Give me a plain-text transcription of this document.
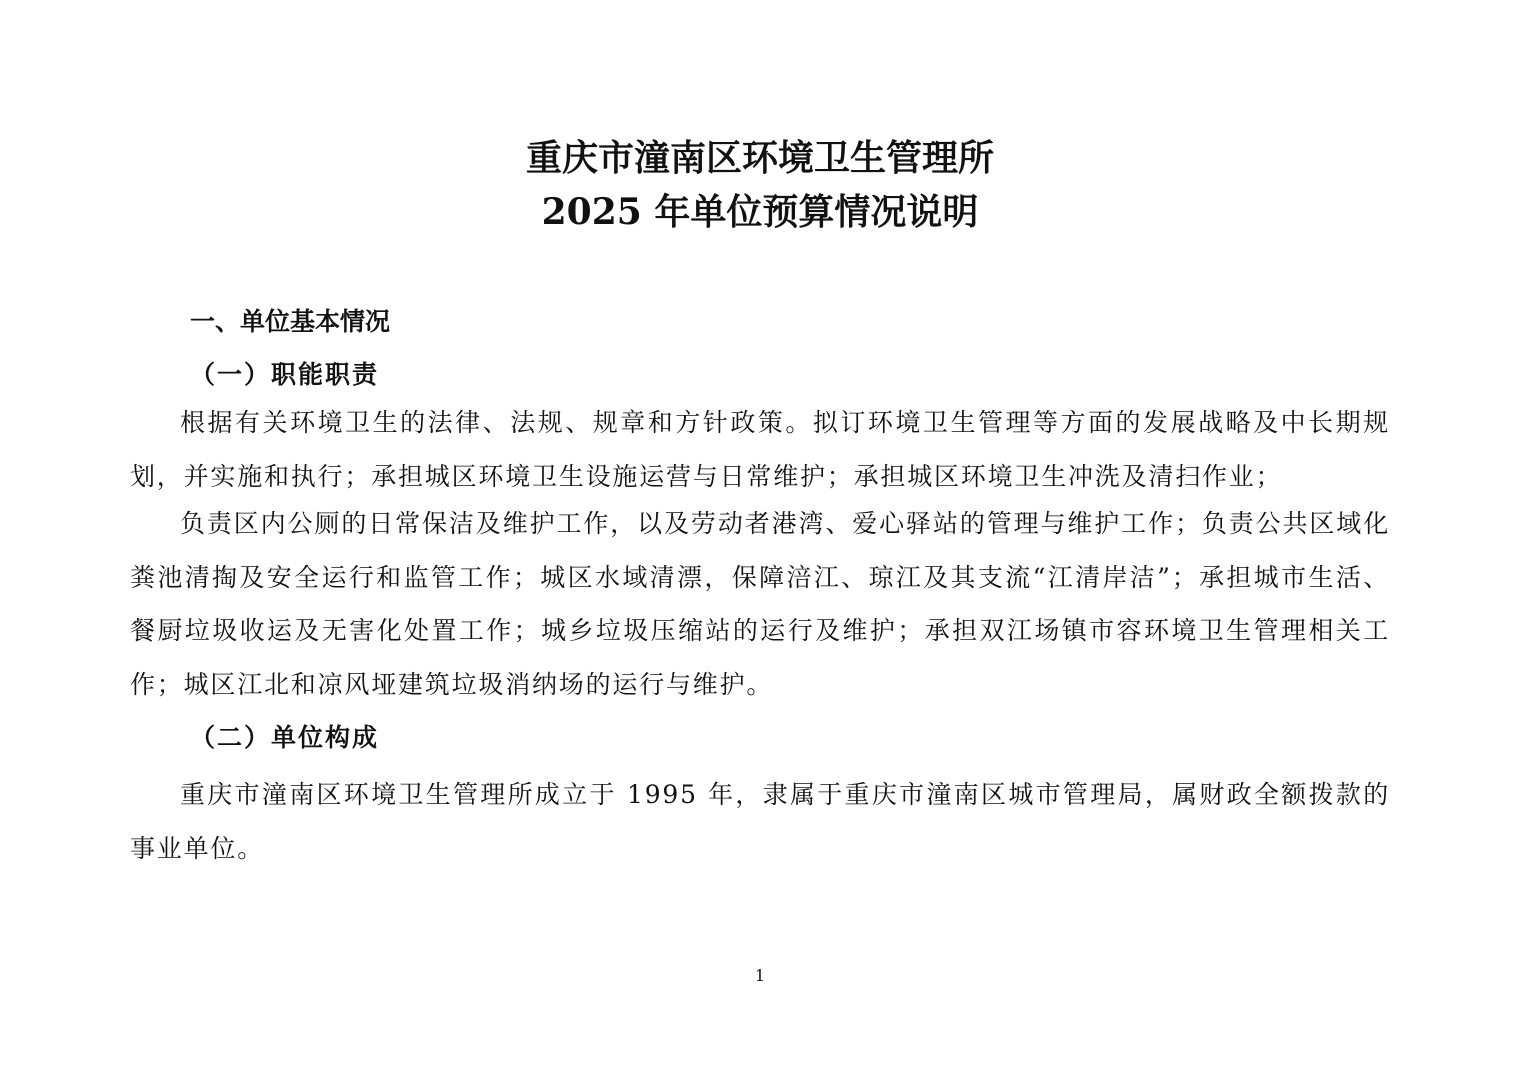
重庆市潼南区环境卫生管理所
2025 年单位预算情况说明
一、单位基本情况
（一）职能职责

根据有关环境卫生的法律、法规、规章和方针政策。拟订环境卫生管理等方面的发展战略及中长期规划，并实施和执行；承担城区环境卫生设施运营与日常维护；承担城区环境卫生冲洗及清扫作业；

负责区内公厕的日常保洁及维护工作，以及劳动者港湾、爱心驿站的管理与维护工作；负责公共区域化粪池清掏及安全运行和监管工作；城区水域清漂，保障涪江、琼江及其支流“江清岸洁”；承担城市生活、餐厨垃圾收运及无害化处置工作；城乡垃圾压缩站的运行及维护；承担双江场镇市容环境卫生管理相关工作；城区江北和凉风垭建筑垃圾消纳场的运行与维护。

（二）单位构成

重庆市潼南区环境卫生管理所成立于 1995 年，隶属于重庆市潼南区城市管理局，属财政全额拨款的事业单位。

1
